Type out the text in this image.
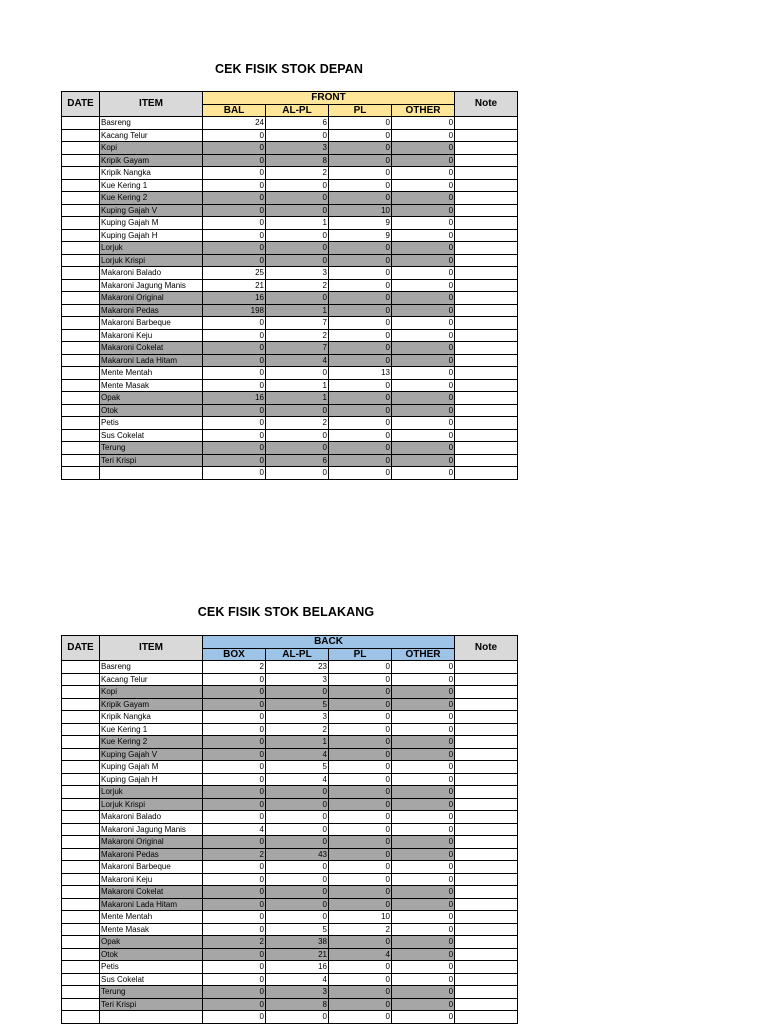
CEK FISIK STOK DEPAN
DATE	ITEM	FRONT				Note
		BAL	AL-PL	PL	OTHER	
	Basreng	24	6	0	0	
	Kacang Telur	0	0	0	0	
	Kopi	0	3	0	0	
	Kripik Gayam	0	8	0	0	
	Kripik Nangka	0	2	0	0	
	Kue Kering 1	0	0	0	0	
	Kue Kering 2	0	0	0	0	
	Kuping Gajah V	0	0	10	0	
	Kuping Gajah M	0	1	9	0	
	Kuping Gajah H	0	0	9	0	
	Lorjuk	0	0	0	0	
	Lorjuk Krispi	0	0	0	0	
	Makaroni Balado	25	3	0	0	
	Makaroni Jagung Manis	21	2	0	0	
	Makaroni Original	16	0	0	0	
	Makaroni Pedas	198	1	0	0	
	Makaroni Barbeque	0	7	0	0	
	Makaroni Keju	0	2	0	0	
	Makaroni Cokelat	0	7	0	0	
	Makaroni Lada Hitam	0	4	0	0	
	Mente Mentah	0	0	13	0	
	Mente Masak	0	1	0	0	
	Opak	16	1	0	0	
	Otok	0	0	0	0	
	Petis	0	2	0	0	
	Sus Cokelat	0	0	0	0	
	Terung	0	0	0	0	
	Teri Krispi	0	6	0	0	
		0	0	0	0	
CEK FISIK STOK BELAKANG
DATE	ITEM	BACK				Note
		BOX	AL-PL	PL	OTHER	
	Basreng	2	23	0	0	
	Kacang Telur	0	3	0	0	
	Kopi	0	0	0	0	
	Kripik Gayam	0	5	0	0	
	Kripik Nangka	0	3	0	0	
	Kue Kering 1	0	2	0	0	
	Kue Kering 2	0	1	0	0	
	Kuping Gajah V	0	4	0	0	
	Kuping Gajah M	0	5	0	0	
	Kuping Gajah H	0	4	0	0	
	Lorjuk	0	0	0	0	
	Lorjuk Krispi	0	0	0	0	
	Makaroni Balado	0	0	0	0	
	Makaroni Jagung Manis	4	0	0	0	
	Makaroni Original	0	0	0	0	
	Makaroni Pedas	2	43	0	0	
	Makaroni Barbeque	0	0	0	0	
	Makaroni Keju	0	0	0	0	
	Makaroni Cokelat	0	0	0	0	
	Makaroni Lada Hitam	0	0	0	0	
	Mente Mentah	0	0	10	0	
	Mente Masak	0	5	2	0	
	Opak	2	38	0	0	
	Otok	0	21	4	0	
	Petis	0	16	0	0	
	Sus Cokelat	0	4	0	0	
	Terung	0	3	0	0	
	Teri Krispi	0	8	0	0	
		0	0	0	0	
